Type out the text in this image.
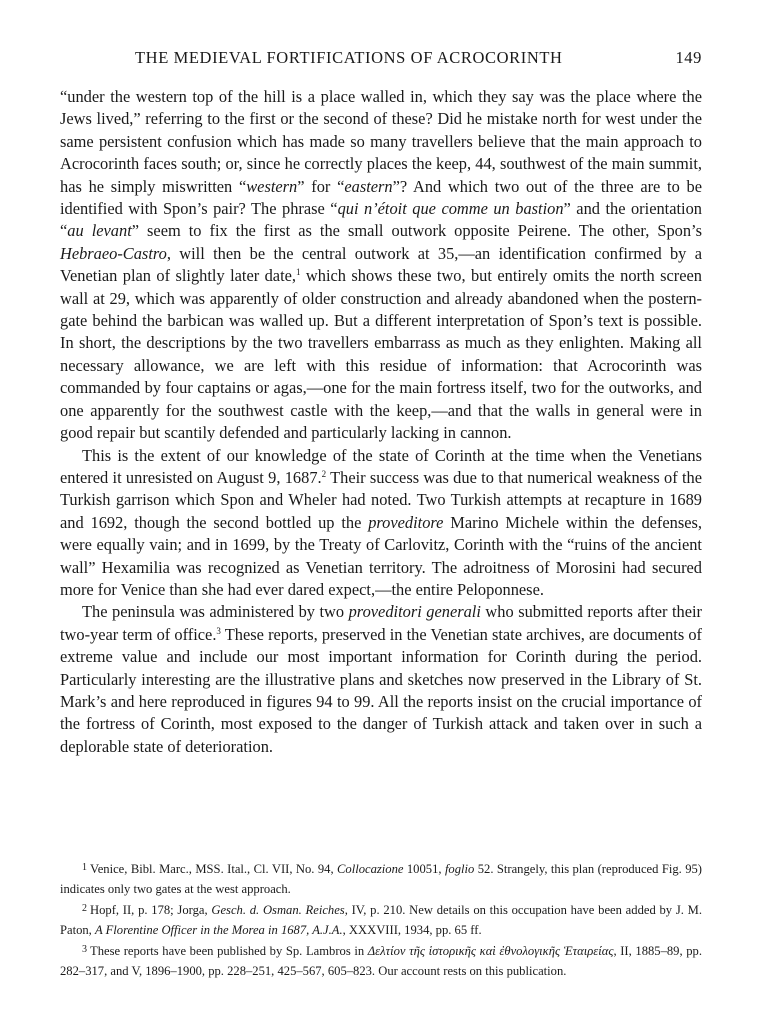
THE MEDIEVAL FORTIFICATIONS OF ACROCORINTH	149

“under the western top of the hill is a place walled in, which they say was the place where the Jews lived,” referring to the first or the second of these? Did he mistake north for west under the same persistent confusion which has made so many travellers believe that the main approach to Acrocorinth faces south; or, since he correctly places the keep, 44, southwest of the main summit, has he simply miswritten “western” for “eastern”? And which two out of the three are to be identified with Spon’s pair? The phrase “qui n’étoit que comme un bastion” and the orientation “au levant” seem to fix the first as the small outwork opposite Peirene. The other, Spon’s Hebraeo-Castro, will then be the central outwork at 35,—an identification confirmed by a Venetian plan of slightly later date,$^1$ which shows these two, but entirely omits the north screen wall at 29, which was apparently of older construction and already abandoned when the postern-gate behind the barbican was walled up. But a different interpretation of Spon’s text is possible. In short, the descriptions by the two travellers embarrass as much as they enlighten. Making all necessary allowance, we are left with this residue of information: that Acrocorinth was commanded by four captains or agas,—one for the main fortress itself, two for the outworks, and one apparently for the southwest castle with the keep,—and that the walls in general were in good repair but scantily defended and particularly lacking in cannon.

This is the extent of our knowledge of the state of Corinth at the time when the Venetians entered it unresisted on August 9, 1687.$^2$ Their success was due to that numerical weakness of the Turkish garrison which Spon and Wheler had noted. Two Turkish attempts at recapture in 1689 and 1692, though the second bottled up the proveditore Marino Michele within the defenses, were equally vain; and in 1699, by the Treaty of Carlovitz, Corinth with the “ruins of the ancient wall” Hexamilia was recognized as Venetian territory. The adroitness of Morosini had secured more for Venice than she had ever dared expect,—the entire Peloponnese.

The peninsula was administered by two proveditori generali who submitted reports after their two-year term of office.$^3$ These reports, preserved in the Venetian state archives, are documents of extreme value and include our most important information for Corinth during the period. Particularly interesting are the illustrative plans and sketches now preserved in the Library of St. Mark’s and here reproduced in figures 94 to 99. All the reports insist on the crucial importance of the fortress of Corinth, most exposed to the danger of Turkish attack and taken over in such a deplorable state of deterioration.

$^1$ Venice, Bibl. Marc., MSS. Ital., Cl. VII, No. 94, Collocazione 10051, foglio 52. Strangely, this plan (reproduced Fig. 95) indicates only two gates at the west approach.

$^2$ Hopf, II, p. 178; Jorga, Gesch. d. Osman. Reiches, IV, p. 210. New details on this occupation have been added by J. M. Paton, A Florentine Officer in the Morea in 1687, A.J.A., XXXVIII, 1934, pp. 65 ff.

$^3$ These reports have been published by Sp. Lambros in Δελτίον τῆς ἱστορικῆς καὶ ἐθνολογικῆς Ἑταιρείας, II, 1885–89, pp. 282–317, and V, 1896–1900, pp. 228–251, 425–567, 605–823. Our account rests on this publication.
